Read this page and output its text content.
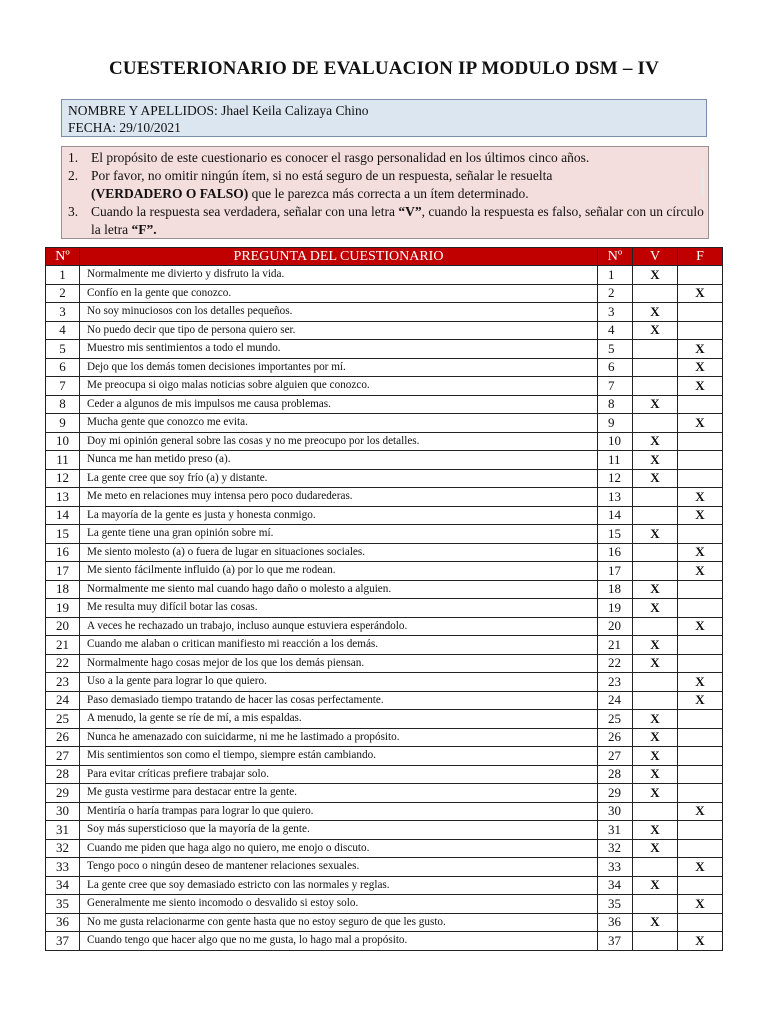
CUESTERIONARIO DE EVALUACION IP MODULO DSM – IV
NOMBRE Y APELLIDOS: Jhael Keila Calizaya Chino
FECHA: 29/10/2021
1. El propósito de este cuestionario es conocer el rasgo personalidad en los últimos cinco años.
2. Por favor, no omitir ningún ítem, si no está seguro de un respuesta, señalar le resuelta
(VERDADERO O FALSO) que le parezca más correcta a un ítem determinado.
3. Cuando la respuesta sea verdadera, señalar con una letra “V”, cuando la respuesta es falso, señalar con un círculo la letra “F”.
Nº	PREGUNTA DEL CUESTIONARIO	Nº	V	F
1	Normalmente me divierto y disfruto la vida.	1	X	
2	Confío en la gente que conozco.	2		X
3	No soy minuciosos con los detalles pequeños.	3	X	
4	No puedo decir que tipo de persona quiero ser.	4	X	
5	Muestro mis sentimientos a todo el mundo.	5		X
6	Dejo que los demás tomen decisiones importantes por mí.	6		X
7	Me preocupa si oigo malas noticias sobre alguien que conozco.	7		X
8	Ceder a algunos de mis impulsos me causa problemas.	8	X	
9	Mucha gente que conozco me evita.	9		X
10	Doy mi opinión general sobre las cosas y no me preocupo por los detalles.	10	X	
11	Nunca me han metido preso (a).	11	X	
12	La gente cree que soy frío (a) y distante.	12	X	
13	Me meto en relaciones muy intensa pero poco dudarederas.	13		X
14	La mayoría de la gente es justa y honesta conmigo.	14		X
15	La gente tiene una gran opinión sobre mí.	15	X	
16	Me siento molesto (a) o fuera de lugar en situaciones sociales.	16		X
17	Me siento fácilmente influido (a) por lo que me rodean.	17		X
18	Normalmente me siento mal cuando hago daño o molesto a alguien.	18	X	
19	Me resulta muy difícil botar las cosas.	19	X	
20	A veces he rechazado un trabajo, incluso aunque estuviera esperándolo.	20		X
21	Cuando me alaban o critican manifiesto mi reacción a los demás.	21	X	
22	Normalmente hago cosas mejor de los que los demás piensan.	22	X	
23	Uso a la gente para lograr lo que quiero.	23		X
24	Paso demasiado tiempo tratando de hacer las cosas perfectamente.	24		X
25	A menudo, la gente se ríe de mí, a mis espaldas.	25	X	
26	Nunca he amenazado con suicidarme, ni me he lastimado a propósito.	26	X	
27	Mis sentimientos son como el tiempo, siempre están cambiando.	27	X	
28	Para evitar críticas prefiere trabajar solo.	28	X	
29	Me gusta vestirme para destacar entre la gente.	29	X	
30	Mentiría o haría trampas para lograr lo que quiero.	30		X
31	Soy más supersticioso que la mayoría de la gente.	31	X	
32	Cuando me piden que haga algo no quiero, me enojo o discuto.	32	X	
33	Tengo poco o ningún deseo de mantener relaciones sexuales.	33		X
34	La gente cree que soy demasiado estricto con las normales y reglas.	34	X	
35	Generalmente me siento incomodo o desvalido si estoy solo.	35		X
36	No me gusta relacionarme con gente hasta que no estoy seguro de que les gusto.	36	X	
37	Cuando tengo que hacer algo que no me gusta, lo hago mal a propósito.	37		X
